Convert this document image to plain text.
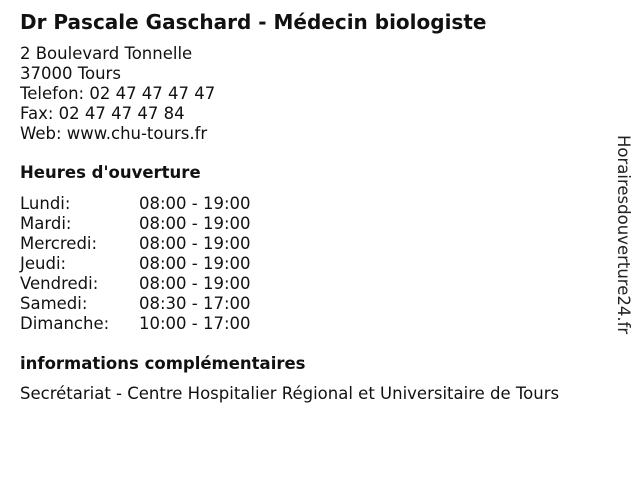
Dr Pascale Gaschard - Médecin biologiste
2 Boulevard Tonnelle
37000 Tours
Telefon: 02 47 47 47 47
Fax: 02 47 47 47 84
Web: www.chu-tours.fr
Heures d'ouverture
Lundi:	08:00 - 19:00
Mardi:	08:00 - 19:00
Mercredi:	08:00 - 19:00
Jeudi:	08:00 - 19:00
Vendredi:	08:00 - 19:00
Samedi:	08:30 - 17:00
Dimanche:	10:00 - 17:00
informations complémentaires
Secrétariat - Centre Hospitalier Régional et Universitaire de Tours
Horairesdouverture24.fr
